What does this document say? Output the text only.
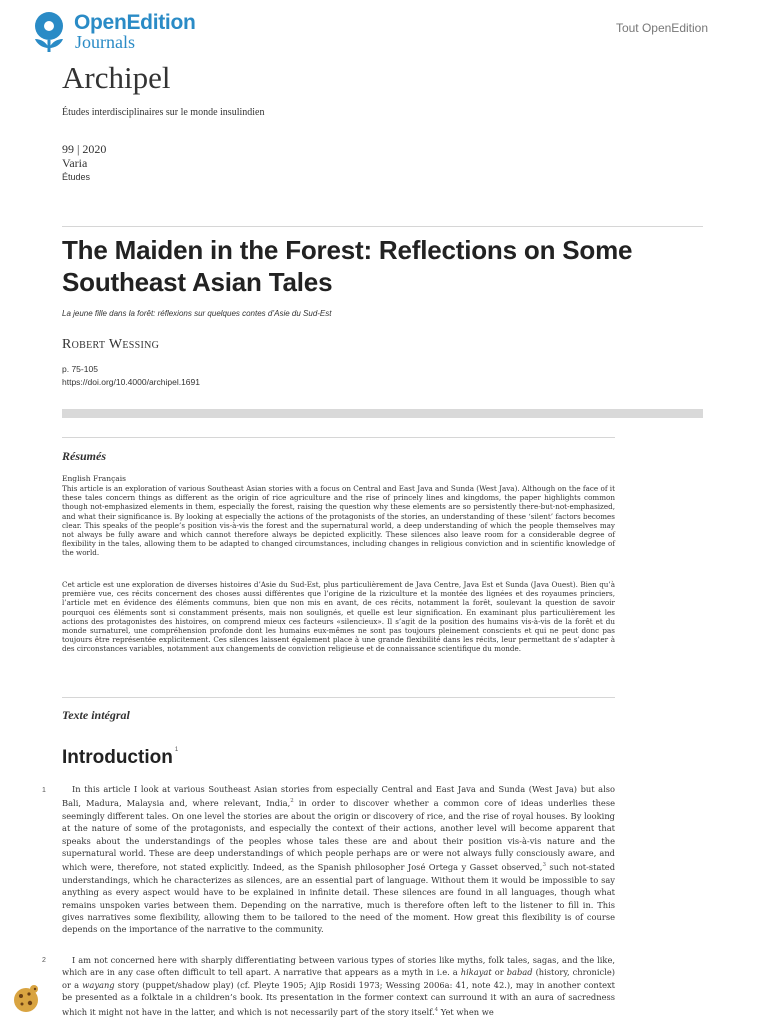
OpenEdition
Journals
Tout OpenEdition
Archipel
Études interdisciplinaires sur le monde insulindien
99 | 2020
Varia
Études
The Maiden in the Forest: Reflections on Some Southeast Asian Tales
La jeune fille dans la forêt: réflexions sur quelques contes d’Asie du Sud-Est
Robert Wessing
p. 75-105
https://doi.org/10.4000/archipel.1691
Résumés
English Français

This article is an exploration of various Southeast Asian stories with a focus on Central and East Java and Sunda (West Java). Although on the face of it these tales concern things as different as the origin of rice agriculture and the rise of princely lines and kingdoms, the paper highlights common though not-emphasized elements in them, especially the forest, raising the question why these elements are so persistently there-but-not-emphasized, and what their significance is. By looking at especially the actions of the protagonists of the stories, an understanding of these ‘silent’ factors becomes clear. This speaks of the people’s position vis-à-vis the forest and the supernatural world, a deep understanding of which the people themselves may not always be fully aware and which cannot therefore always be depicted explicitly. These silences also leave room for a considerable degree of flexibility in the tales, allowing them to be adapted to changed circumstances, including changes in religious conviction and in scientific knowledge of the world.

Cet article est une exploration de diverses histoires d’Asie du Sud-Est, plus particulièrement de Java Centre, Java Est et Sunda (Java Ouest). Bien qu’à première vue, ces récits concernent des choses aussi différentes que l’origine de la riziculture et la montée des lignées et des royaumes princiers, l’article met en évidence des éléments communs, bien que non mis en avant, de ces récits, notamment la forêt, soulevant la question de savoir pourquoi ces éléments sont si constamment présents, mais non soulignés, et quelle est leur signification. En examinant plus particulièrement les actions des protagonistes des histoires, on comprend mieux ces facteurs «silencieux». Il s’agit de la position des humains vis-à-vis de la forêt et du monde surnaturel, une compréhension profonde dont les humains eux-mêmes ne sont pas toujours pleinement conscients et qui ne peut donc pas toujours être représentée explicitement. Ces silences laissent également place à une grande flexibilité dans les récits, leur permettant de s’adapter à des circonstances variables, notamment aux changements de conviction religieuse et de connaissance scientifique du monde.

Texte intégral
Introduction $^1$
1	In this article I look at various Southeast Asian stories from especially Central and East Java and Sunda (West Java) but also Bali, Madura, Malaysia and, where relevant, India,$^2$ in order to discover whether a common core of ideas underlies these seemingly different tales. On one level the stories are about the origin or discovery of rice, and the rise of royal houses. By looking at the nature of some of the protagonists, and especially the context of their actions, another level will become apparent that speaks about the understandings of the peoples whose tales these are and about their position vis-à-vis nature and the supernatural world. These are deep understandings of which people perhaps are or were not always fully consciously aware, and which were, therefore, not stated explicitly. Indeed, as the Spanish philosopher José Ortega y Gasset observed,$^3$ such not-stated understandings, which he characterizes as silences, are an essential part of language. Without them it would be impossible to say anything as every aspect would have to be explained in infinite detail. These silences are found in all languages, though what remains unspoken varies between them. Depending on the narrative, much is therefore often left to the listener to fill in. This gives narratives some flexibility, allowing them to be tailored to the need of the moment. How great this flexibility is of course depends on the importance of the narrative to the community.

2	I am not concerned here with sharply differentiating between various types of stories like myths, folk tales, sagas, and the like, which are in any case often difficult to tell apart. A narrative that appears as a myth in i.e. a hikayat or babad (history, chronicle) or a wayang story (puppet/shadow play) (cf. Pleyte 1905; Ajip Rosidi 1973; Wessing 2006a: 41, note 42.), may in another context be presented as a folktale in a children’s book. Its presentation in the former context can surround it with an aura of sacredness which it might not have in the latter, and which is not necessarily part of the story itself.$^4$ Yet when we
